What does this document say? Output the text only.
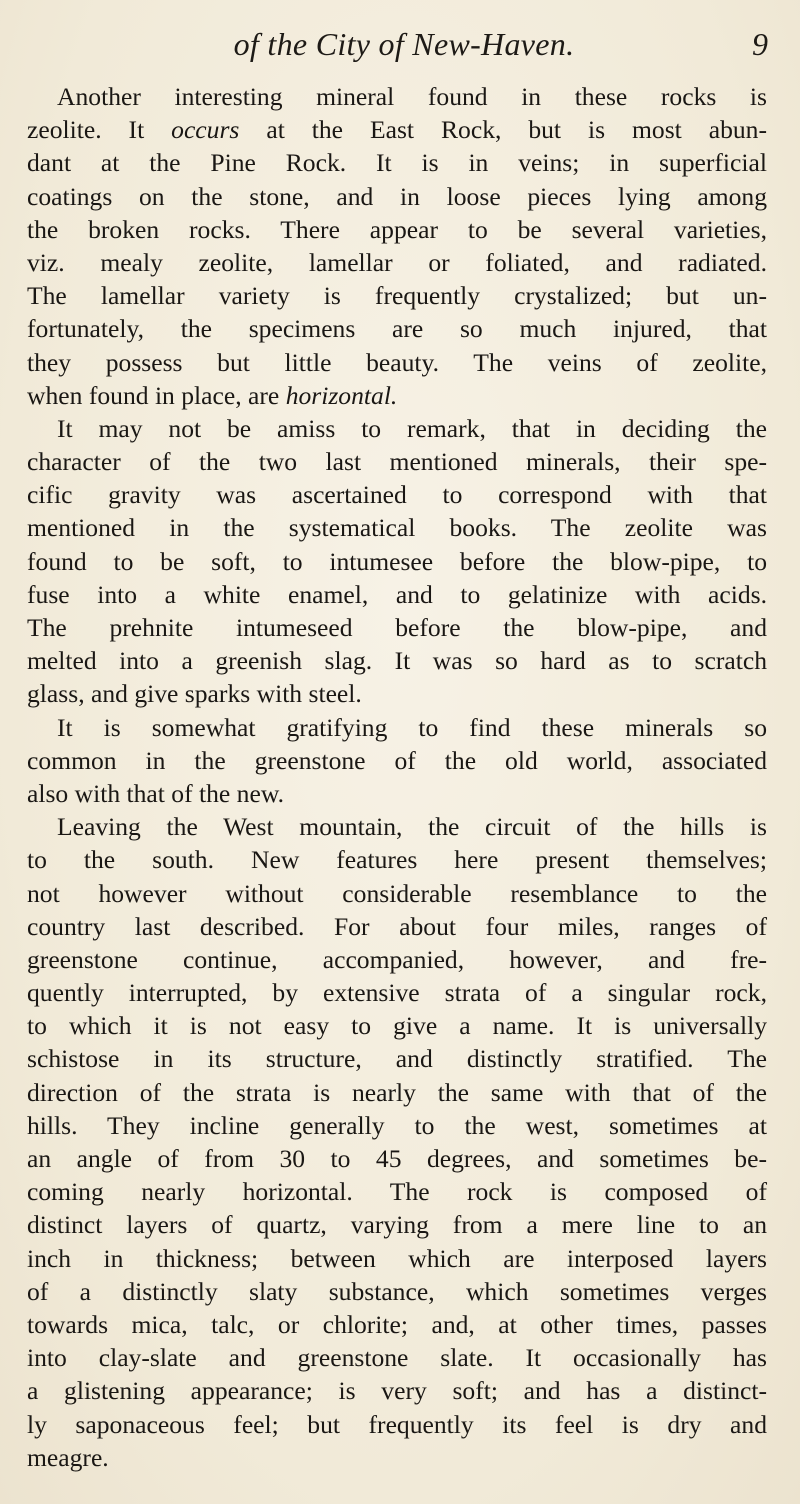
of the City of New-Haven.	9
Another interesting mineral found in these rocks is
zeolite. It occurs at the East Rock, but is most abun-
dant at the Pine Rock. It is in veins; in superficial
coatings on the stone, and in loose pieces lying among
the broken rocks. There appear to be several varieties,
viz. mealy zeolite, lamellar or foliated, and radiated.
The lamellar variety is frequently crystalized; but un-
fortunately, the specimens are so much injured, that
they possess but little beauty. The veins of zeolite,
when found in place, are horizontal.
It may not be amiss to remark, that in deciding the
character of the two last mentioned minerals, their spe-
cific gravity was ascertained to correspond with that
mentioned in the systematical books. The zeolite was
found to be soft, to intumesee before the blow-pipe, to
fuse into a white enamel, and to gelatinize with acids.
The prehnite intumeseed before the blow-pipe, and
melted into a greenish slag. It was so hard as to scratch
glass, and give sparks with steel.
It is somewhat gratifying to find these minerals so
common in the greenstone of the old world, associated
also with that of the new.
Leaving the West mountain, the circuit of the hills is
to the south. New features here present themselves;
not however without considerable resemblance to the
country last described. For about four miles, ranges of
greenstone continue, accompanied, however, and fre-
quently interrupted, by extensive strata of a singular rock,
to which it is not easy to give a name. It is universally
schistose in its structure, and distinctly stratified. The
direction of the strata is nearly the same with that of the
hills. They incline generally to the west, sometimes at
an angle of from 30 to 45 degrees, and sometimes be-
coming nearly horizontal. The rock is composed of
distinct layers of quartz, varying from a mere line to an
inch in thickness; between which are interposed layers
of a distinctly slaty substance, which sometimes verges
towards mica, talc, or chlorite; and, at other times, passes
into clay-slate and greenstone slate. It occasionally has
a glistening appearance; is very soft; and has a distinct-
ly saponaceous feel; but frequently its feel is dry and
meagre.
